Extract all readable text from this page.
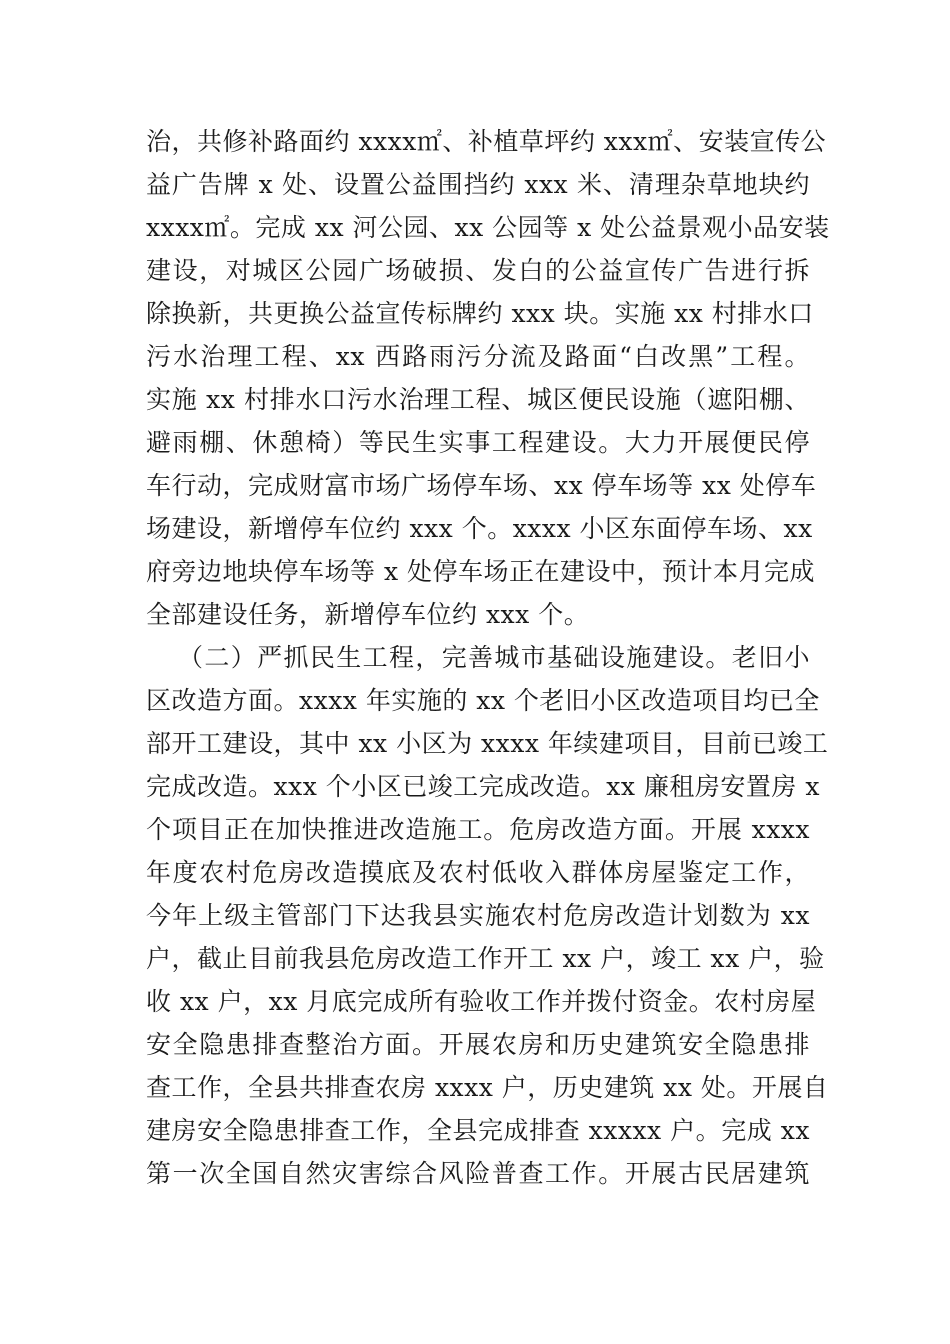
治，共修补路面约 xxxx㎡、补植草坪约 xxx㎡、安装宣传公
益广告牌 x 处、设置公益围挡约 xxx 米、清理杂草地块约
xxxx㎡。完成 xx 河公园、xx 公园等 x 处公益景观小品安装
建设，对城区公园广场破损、发白的公益宣传广告进行拆
除换新，共更换公益宣传标牌约 xxx 块。实施 xx 村排水口
污水治理工程、xx 西路雨污分流及路面“白改黑”工程。
实施 xx 村排水口污水治理工程、城区便民设施（遮阳棚、
避雨棚、休憩椅）等民生实事工程建设。大力开展便民停
车行动，完成财富市场广场停车场、xx 停车场等 xx 处停车
场建设，新增停车位约 xxx 个。xxxx 小区东面停车场、xx
府旁边地块停车场等 x 处停车场正在建设中，预计本月完成
全部建设任务，新增停车位约 xxx 个。
（二）严抓民生工程，完善城市基础设施建设。老旧小
区改造方面。xxxx 年实施的 xx 个老旧小区改造项目均已全
部开工建设，其中 xx 小区为 xxxx 年续建项目，目前已竣工
完成改造。xxx 个小区已竣工完成改造。xx 廉租房安置房 x
个项目正在加快推进改造施工。危房改造方面。开展 xxxx
年度农村危房改造摸底及农村低收入群体房屋鉴定工作，
今年上级主管部门下达我县实施农村危房改造计划数为 xx
户，截止目前我县危房改造工作开工 xx 户，竣工 xx 户，验
收 xx 户，xx 月底完成所有验收工作并拨付资金。农村房屋
安全隐患排查整治方面。开展农房和历史建筑安全隐患排
查工作，全县共排查农房 xxxx 户，历史建筑 xx 处。开展自
建房安全隐患排查工作，全县完成排查 xxxxx 户。完成 xx
第一次全国自然灾害综合风险普查工作。开展古民居建筑
